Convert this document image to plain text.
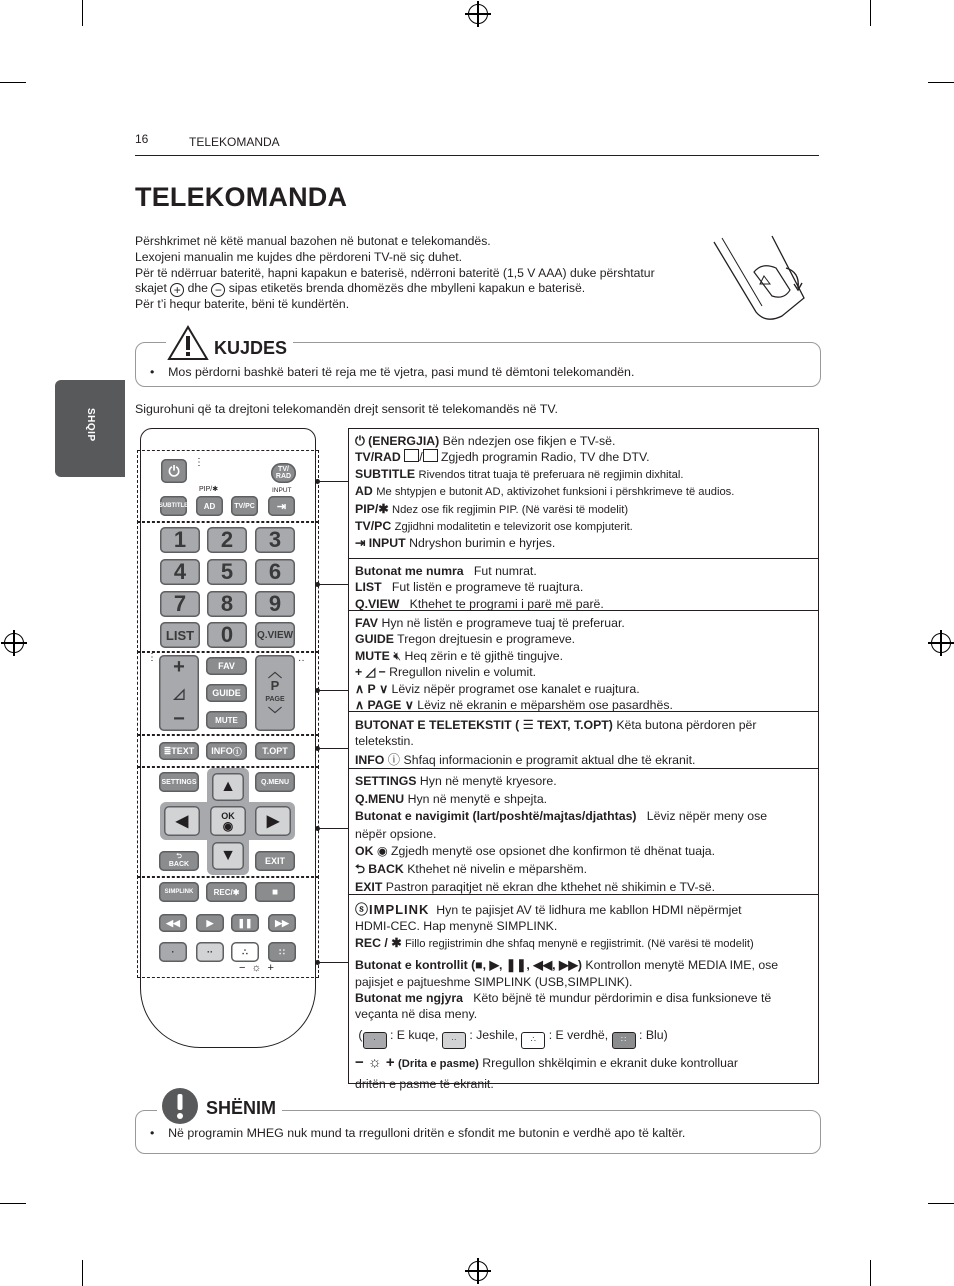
16	TELEKOMANDA
SHQIP
TELEKOMANDA
Përshkrimet në këtë manual bazohen në butonat e telekomandës.
Lexojeni manualin me kujdes dhe përdoreni TV-në siç duhet.
Për të ndërruar bateritë, hapni kapakun e baterisë, ndërroni bateritë (1,5 V AAA) duke përshtatur
skajet + dhe − sipas etiketës brenda dhomëzës dhe mbylleni kapakun e baterisë.
Për t’i hequr baterite, bëni të kundërtën.
KUJDES
•    Mos përdorni bashkë bateri të reja me të vjetra, pasi mund të dëmtoni telekomandën.
Sigurohuni që ta drejtoni telekomandën drejt sensorit të telekomandës në TV.
⏻	⋮
TV/
RAD
PIP/✱	INPUT
SUBTITLE	AD	TV/PC	⇥
1	2	3
4	5	6
7	8	9
LIST	0	Q.VIEW
⋮	··
+
◿
−
FAV
GUIDE
MUTE
︿
P
PAGE
﹀
≣ TEXT INFO ⓘ	T.OPT
SETTINGS	Q.MENU
▲
▼
◀	▶
OK
◉
⮌
BACK	EXIT
SIMPLINK	REC/ ✱	■
◀◀	▶	❚❚	▶▶
·	··	∴	∷
−☼+
⏻ (ENERGJIA) Bën ndezjen ose fikjen e TV-së.
TV/RAD / Zgjedh programin Radio, TV dhe DTV.
SUBTITLE Rivendos titrat tuaja të preferuara në regjimin dixhital.
AD Me shtypjen e butonit AD, aktivizohet funksioni i përshkrimeve të audios.
PIP/✱ Ndez ose fik regjimin PIP. (Në varësi të modelit)
TV/PC Zgjidhni modalitetin e televizorit ose kompjuterit.
⇥ INPUT Ndryshon burimin e hyrjes.
Butonat me numra Fut numrat.
LIST Fut listën e programeve të ruajtura.
Q.VIEW Kthehet te programi i parë më parë.
FAV Hyn në listën e programeve tuaj të preferuar.
GUIDE Tregon drejtuesin e programeve.
MUTE 🔇︎ Heq zërin e të gjithë tingujve.
+ ◿ − Rregullon nivelin e volumit.
∧ P ∨ Lëviz nëpër programet ose kanalet e ruajtura.
∧ PAGE ∨ Lëviz në ekranin e mëparshëm ose pasardhës.
BUTONAT E TELETEKSTIT ( ☰ TEXT, T.OPT) Këta butona përdoren për
teletekstin.
INFO ⓘ Shfaq informacionin e programit aktual dhe të ekranit.
SETTINGS Hyn në menytë kryesore.
Q.MENU Hyn në menytë e shpejta.
Butonat e navigimit (lart/poshtë/majtas/djathtas) Lëviz nëpër meny ose
nëpër opsione.
OK ◉ Zgjedh menytë ose opsionet dhe konfirmon të dhënat tuaja.
⮌ BACK Kthehet në nivelin e mëparshëm.
EXIT Pastron paraqitjet në ekran dhe kthehet në shikimin e TV-së.
ⓢIMPLINK Hyn te pajisjet AV të lidhura me kabllon HDMI nëpërmjet
HDMI-CEC. Hap menynë SIMPLINK.
REC / ✱ Fillo regjistrimin dhe shfaq menynë e regjistrimit. (Në varësi të modelit)
Butonat e kontrollit (■, ▶, ❚❚, ◀◀, ▶▶) Kontrollon menytë MEDIA IME, ose
pajisjet e pajtueshme SIMPLINK (USB,SIMPLINK).
Butonat me ngjyra Këto bëjnë të mundur përdorimin e disa funksioneve të
veçanta në disa meny.
( · : E kuqe, ·· : Jeshile, ∴ : E verdhë, ∷ : Blu)
− ☼ + (Drita e pasme) Rregullon shkëlqimin e ekranit duke kontrolluar
dritën e pasme të ekranit.
SHËNIM
•    Në programin MHEG nuk mund ta rregulloni dritën e sfondit me butonin e verdhë apo të kaltër.
